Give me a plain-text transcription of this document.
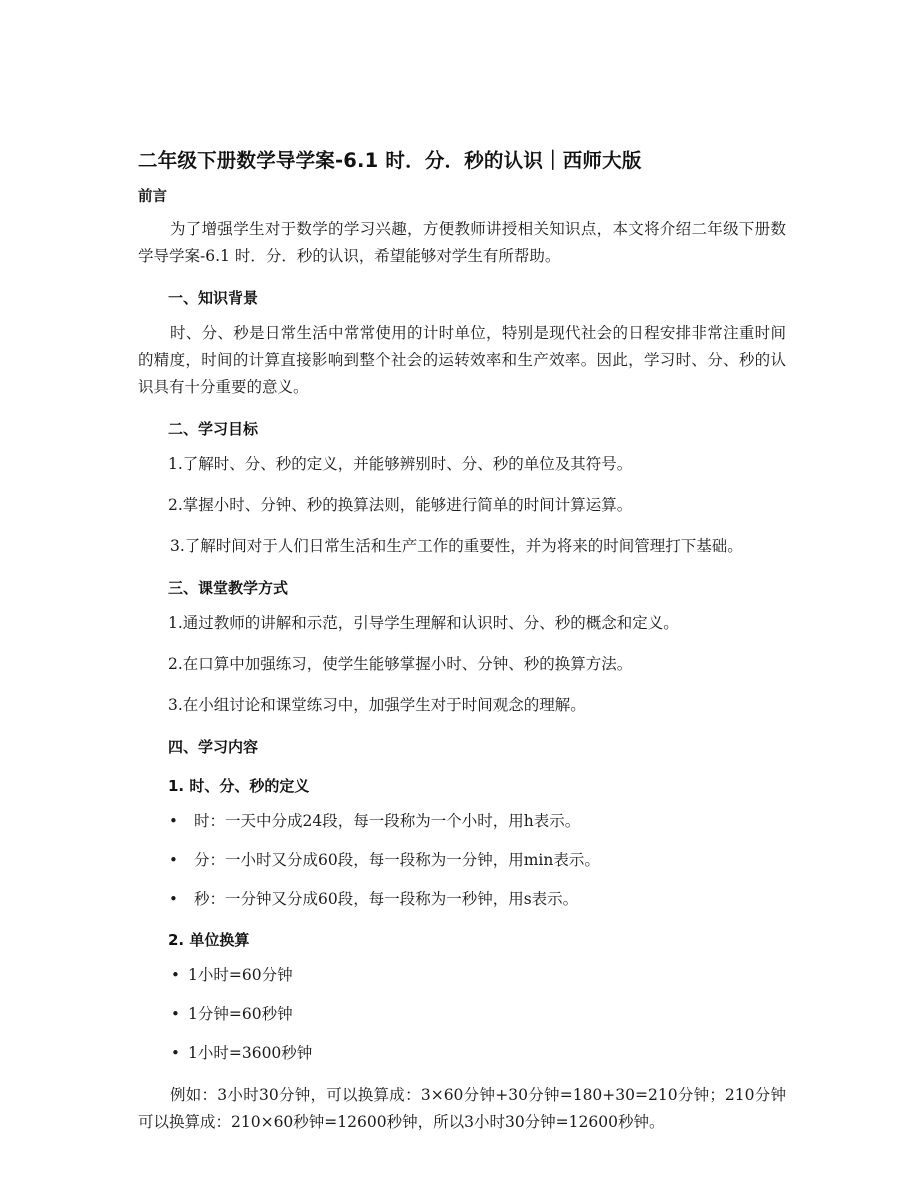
二年级下册数学导学案-6.1 时．分．秒的认识｜西师大版
前言

为了增强学生对于数学的学习兴趣，方便教师讲授相关知识点，本文将介绍二年级下册数学导学案-6.1 时．分．秒的认识，希望能够对学生有所帮助。

一、知识背景

时、分、秒是日常生活中常常使用的计时单位，特别是现代社会的日程安排非常注重时间的精度，时间的计算直接影响到整个社会的运转效率和生产效率。因此，学习时、分、秒的认识具有十分重要的意义。

二、学习目标

1.了解时、分、秒的定义，并能够辨别时、分、秒的单位及其符号。

2.掌握小时、分钟、秒的换算法则，能够进行简单的时间计算运算。

3.了解时间对于人们日常生活和生产工作的重要性，并为将来的时间管理打下基础。

三、课堂教学方式

1.通过教师的讲解和示范，引导学生理解和认识时、分、秒的概念和定义。

2.在口算中加强练习，使学生能够掌握小时、分钟、秒的换算方法。

3.在小组讨论和课堂练习中，加强学生对于时间观念的理解。

四、学习内容
1. 时、分、秒的定义
• 时：一天中分成24段，每一段称为一个小时，用h表示。
• 分：一小时又分成60段，每一段称为一分钟，用min表示。
• 秒：一分钟又分成60段，每一段称为一秒钟，用s表示。
2. 单位换算
• 1小时=60分钟
• 1分钟=60秒钟
• 1小时=3600秒钟

例如：3小时30分钟，可以换算成：3×60分钟+30分钟=180+30=210分钟；210分钟可以换算成：210×60秒钟=12600秒钟，所以3小时30分钟=12600秒钟。
